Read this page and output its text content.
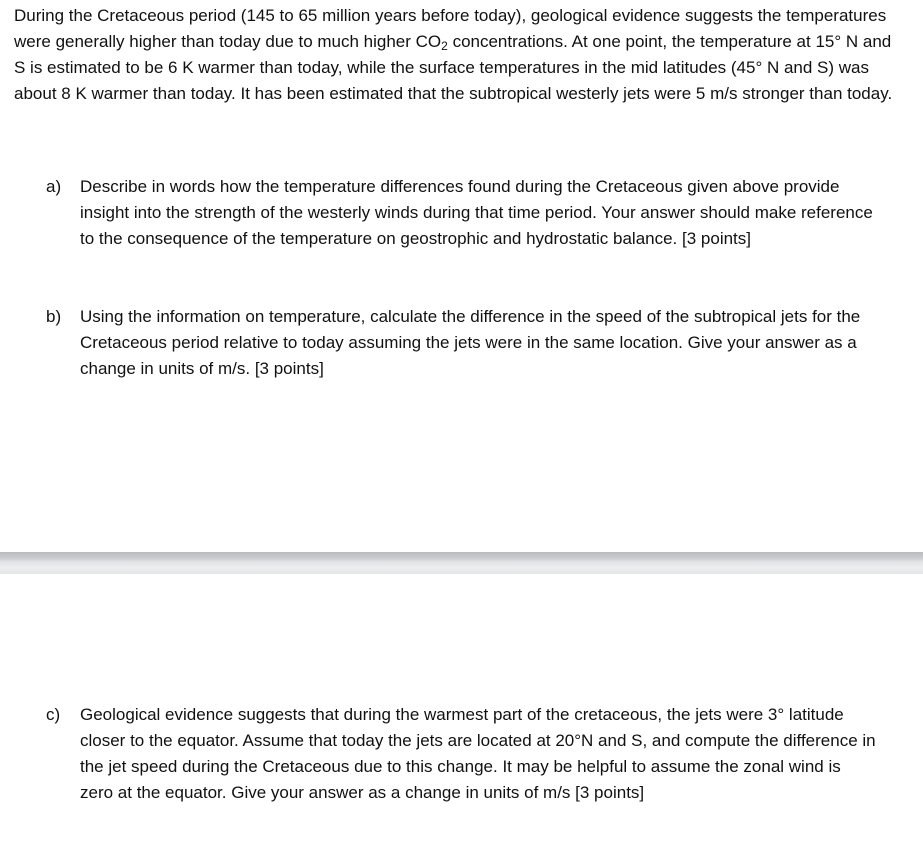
During the Cretaceous period (145 to 65 million years before today), geological evidence suggests the temperatures were generally higher than today due to much higher $CO_2$ concentrations. At one point, the temperature at 15° N and S is estimated to be 6 K warmer than today, while the surface temperatures in the mid latitudes (45° N and S) was about 8 K warmer than today. It has been estimated that the subtropical westerly jets were 5 m/s stronger than today.

a)	Describe in words how the temperature differences found during the Cretaceous given above provide insight into the strength of the westerly winds during that time period. Your answer should make reference to the consequence of the temperature on geostrophic and hydrostatic balance. [3 points]
b)	Using the information on temperature, calculate the difference in the speed of the subtropical jets for the Cretaceous period relative to today assuming the jets were in the same location. Give your answer as a change in units of m/s. [3 points]
c)	Geological evidence suggests that during the warmest part of the cretaceous, the jets were 3° latitude closer to the equator. Assume that today the jets are located at 20°N and S, and compute the difference in the jet speed during the Cretaceous due to this change. It may be helpful to assume the zonal wind is zero at the equator. Give your answer as a change in units of m/s [3 points]
